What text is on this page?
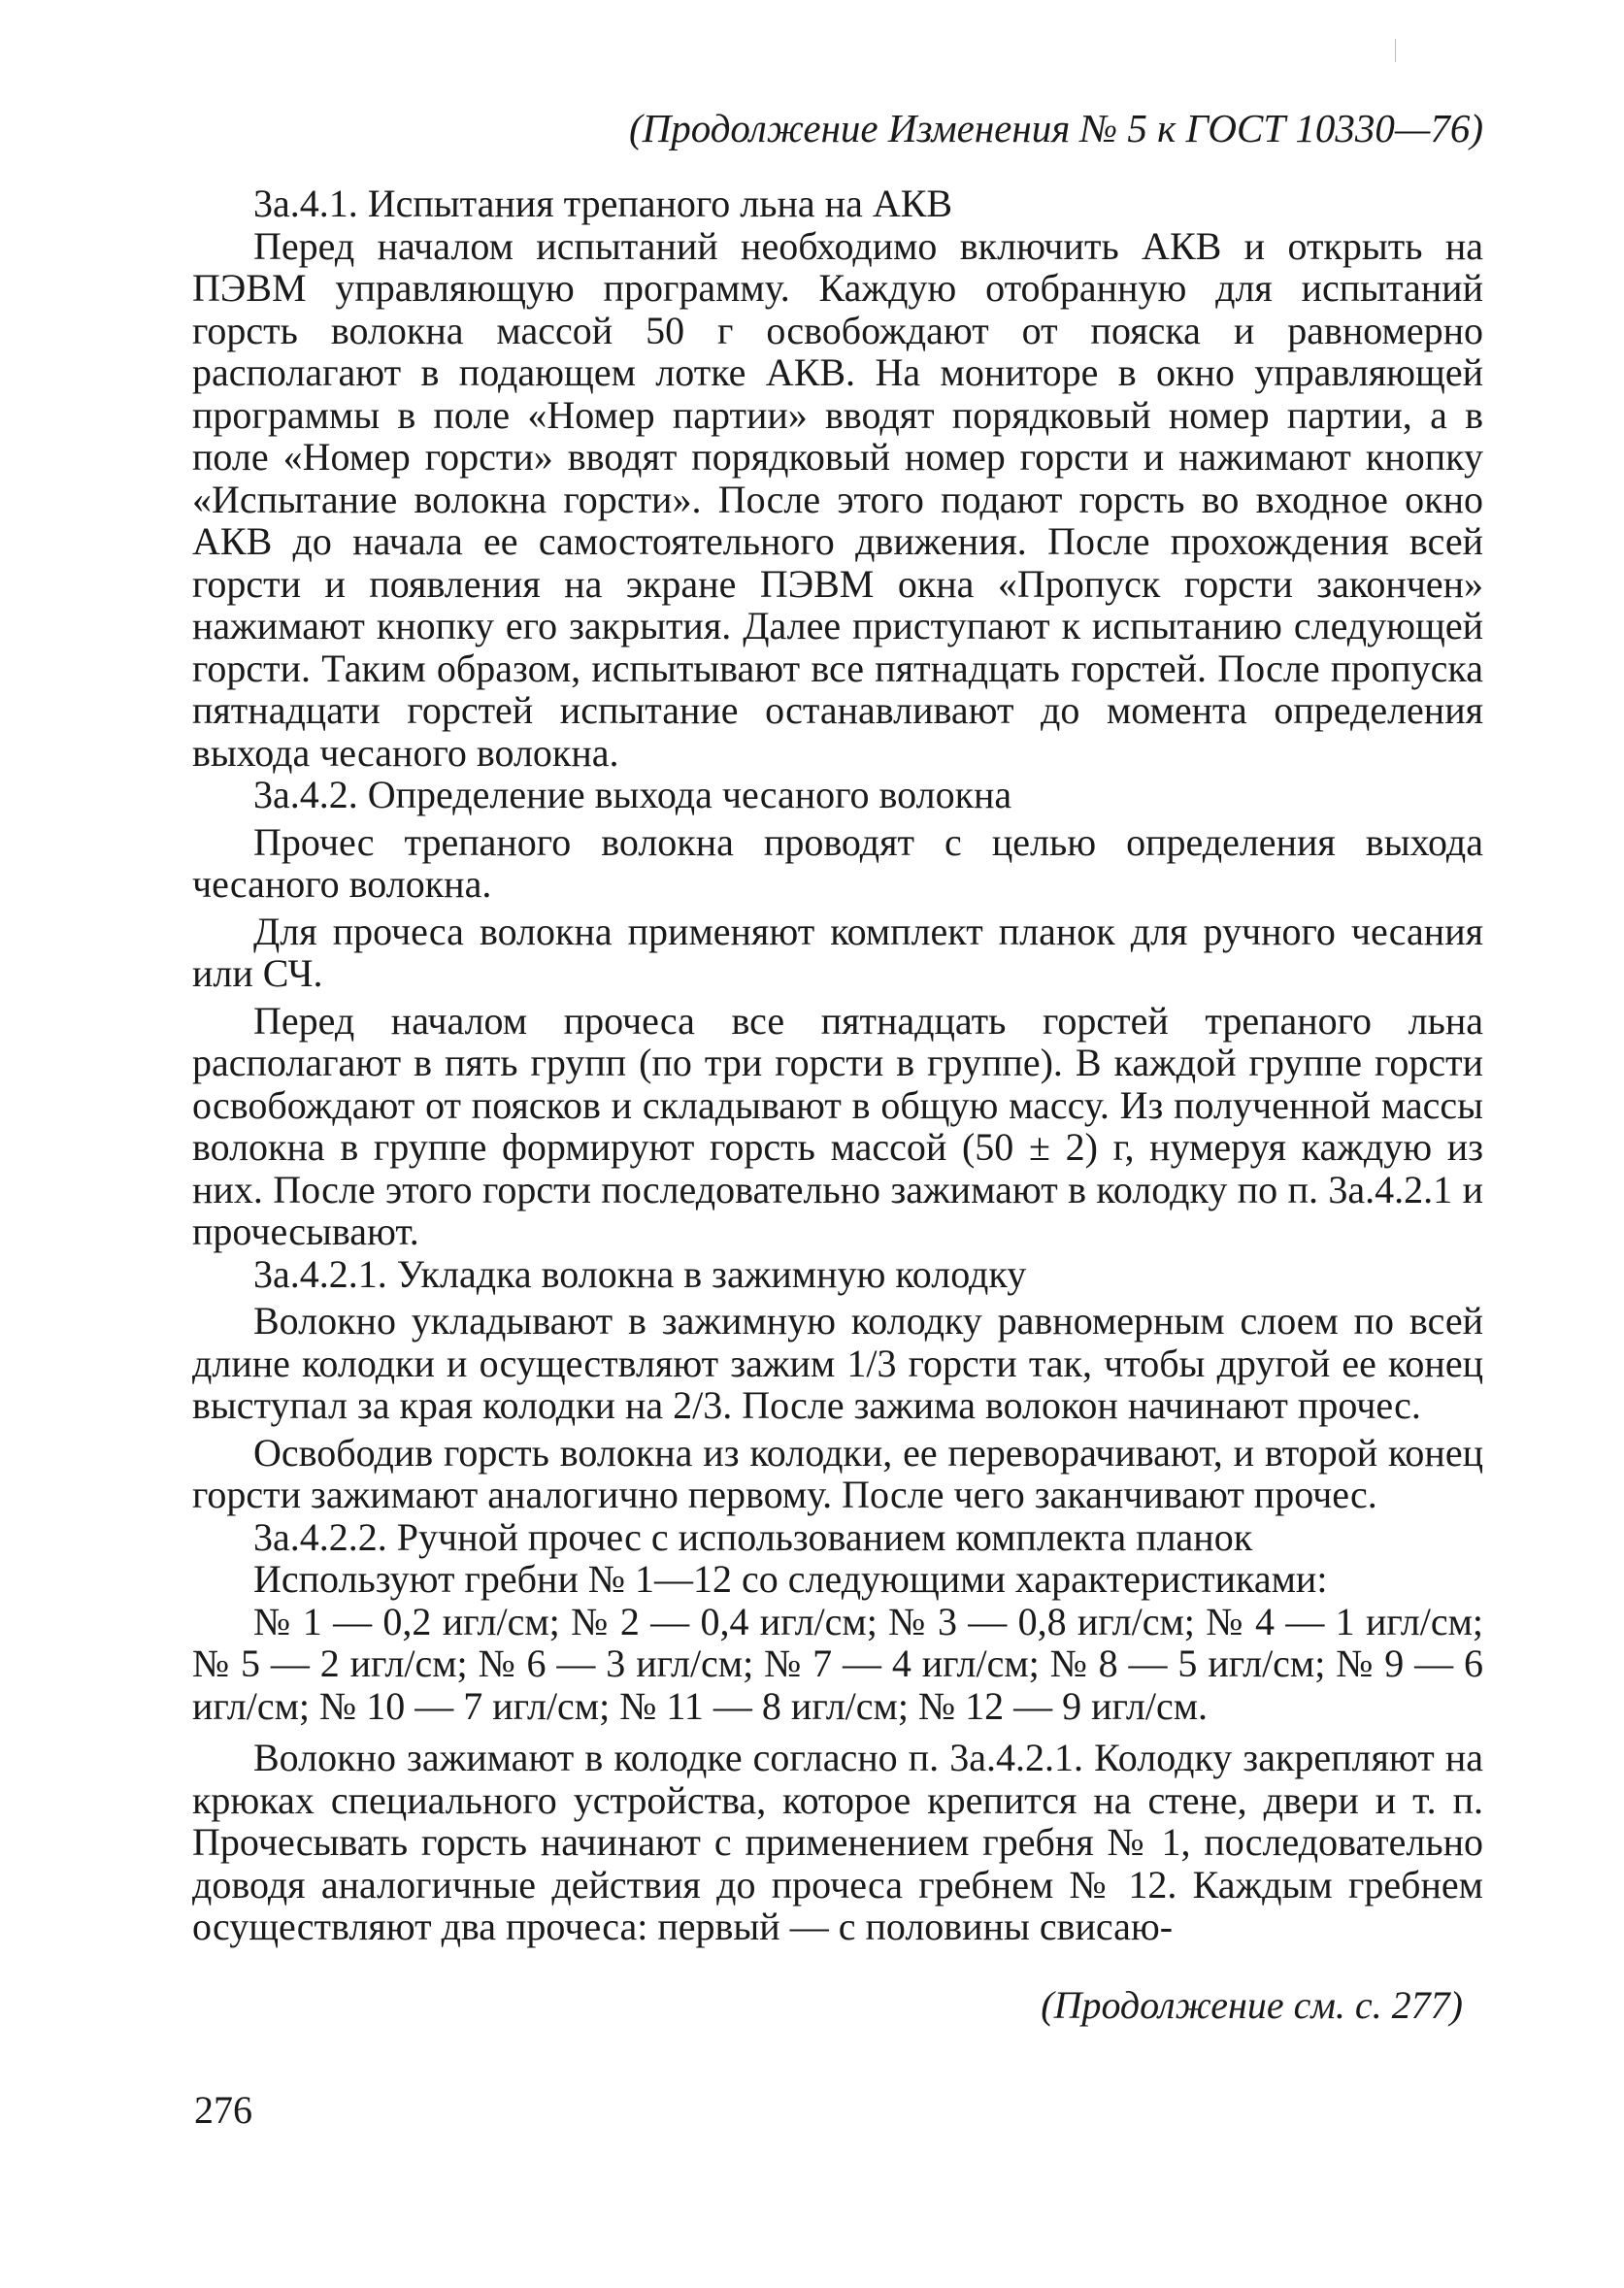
(Продолжение Изменения № 5 к ГОСТ 10330—76)

3а.4.1. Испытания трепаного льна на АКВ

Перед началом испытаний необходимо включить АКВ и открыть на ПЭВМ управляющую программу. Каждую отобранную для испытаний горсть волокна массой 50 г освобождают от пояска и равномерно располагают в подающем лотке АКВ. На мониторе в окно управляющей программы в поле «Номер партии» вводят порядковый номер партии, а в поле «Номер горсти» вводят порядковый номер горсти и нажимают кнопку «Испытание волокна горсти». После этого подают горсть во входное окно АКВ до начала ее самостоятельного движения. После прохождения всей горсти и появления на экране ПЭВМ окна «Пропуск горсти закончен» нажимают кнопку его закрытия. Далее приступают к испытанию следующей горсти. Таким образом, испытывают все пятнадцать горстей. После пропуска пятнадцати горстей испытание останавливают до момента определения выхода чесаного волокна.

3а.4.2. Определение выхода чесаного волокна

Прочес трепаного волокна проводят с целью определения выхода чесаного волокна.

Для прочеса волокна применяют комплект планок для ручного чесания или СЧ.

Перед началом прочеса все пятнадцать горстей трепаного льна располагают в пять групп (по три горсти в группе). В каждой группе горсти освобождают от поясков и складывают в общую массу. Из полученной массы волокна в группе формируют горсть массой (50 ± 2) г, нумеруя каждую из них. После этого горсти последовательно зажимают в колодку по п. 3а.4.2.1 и прочесывают.

3а.4.2.1. Укладка волокна в зажимную колодку

Волокно укладывают в зажимную колодку равномерным слоем по всей длине колодки и осуществляют зажим 1/3 горсти так, чтобы другой ее конец выступал за края колодки на 2/3. После зажима волокон начинают прочес.

Освободив горсть волокна из колодки, ее переворачивают, и второй конец горсти зажимают аналогично первому. После чего заканчивают прочес.

3а.4.2.2. Ручной прочес с использованием комплекта планок

Используют гребни № 1—12 со следующими характеристиками:

№ 1 — 0,2 игл/см; № 2 — 0,4 игл/см; № 3 — 0,8 игл/см; № 4 — 1 игл/см; № 5 — 2 игл/см; № 6 — 3 игл/см; № 7 — 4 игл/см; № 8 — 5 игл/см; № 9 — 6 игл/см; № 10 — 7 игл/см; № 11 — 8 игл/см; № 12 — 9 игл/см.

Волокно зажимают в колодке согласно п. 3а.4.2.1. Колодку закрепляют на крюках специального устройства, которое крепится на стене, двери и т. п. Прочесывать горсть начинают с применением гребня № 1, последовательно доводя аналогичные действия до прочеса гребнем № 12. Каждым гребнем осуществляют два прочеса: первый — с половины свисаю-

(Продолжение см. с. 277)
276
